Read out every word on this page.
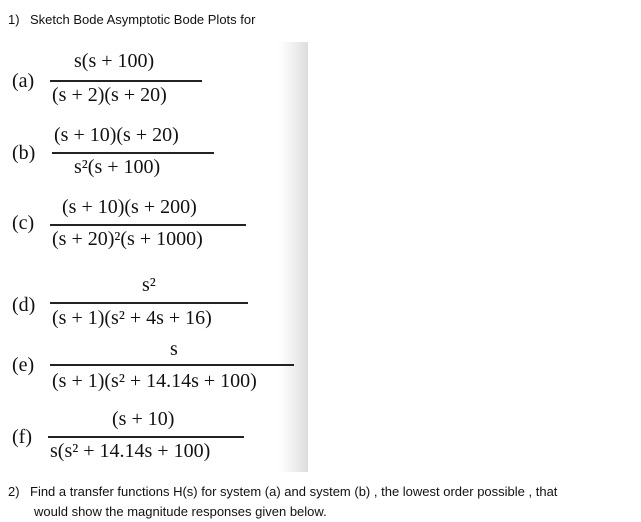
1) Sketch Bode Asymptotic Bode Plots for
(a)
s(s + 100)
(s + 2)(s + 20)
(b)
(s + 10)(s + 20)
s²(s + 100)
(c)
(s + 10)(s + 200)
(s + 20)²(s + 1000)
(d)
s²
(s + 1)(s² + 4s + 16)
(e)
s
(s + 1)(s² + 14.14s + 100)
(f)
(s + 10)
s(s² + 14.14s + 100)
2) Find a transfer functions H(s) for system (a) and system (b) , the lowest order possible , that
would show the magnitude responses given below.
